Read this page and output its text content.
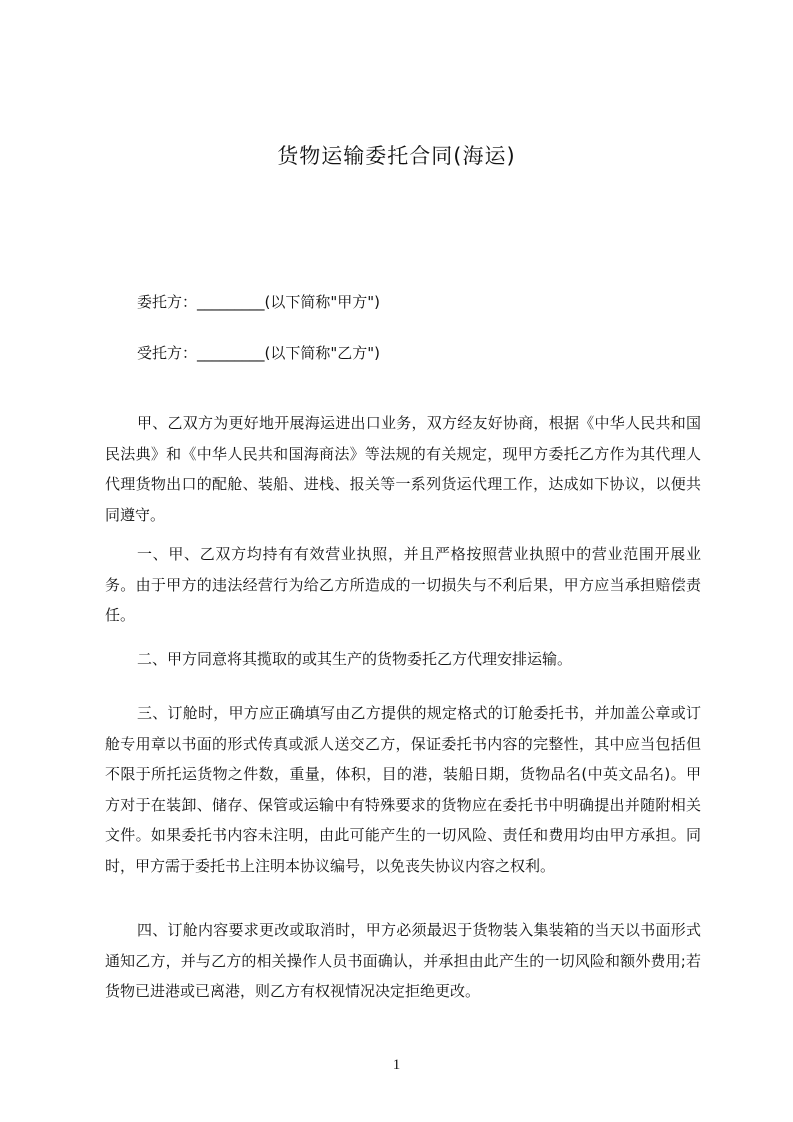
货物运输委托合同(海运)
委托方：_________(以下简称"甲方")
受托方：_________(以下简称"乙方")

甲、乙双方为更好地开展海运进出口业务，双方经友好协商，根据《中华人民共和国民法典》和《中华人民共和国海商法》等法规的有关规定，现甲方委托乙方作为其代理人代理货物出口的配舱、装船、进栈、报关等一系列货运代理工作，达成如下协议，以便共同遵守。

一、甲、乙双方均持有有效营业执照，并且严格按照营业执照中的营业范围开展业务。由于甲方的违法经营行为给乙方所造成的一切损失与不利后果，甲方应当承担赔偿责任。

二、甲方同意将其揽取的或其生产的货物委托乙方代理安排运输。

三、订舱时，甲方应正确填写由乙方提供的规定格式的订舱委托书，并加盖公章或订舱专用章以书面的形式传真或派人送交乙方，保证委托书内容的完整性，其中应当包括但不限于所托运货物之件数，重量，体积，目的港，装船日期，货物品名(中英文品名)。甲方对于在装卸、储存、保管或运输中有特殊要求的货物应在委托书中明确提出并随附相关文件。如果委托书内容未注明，由此可能产生的一切风险、责任和费用均由甲方承担。同时，甲方需于委托书上注明本协议编号，以免丧失协议内容之权利。

四、订舱内容要求更改或取消时，甲方必须最迟于货物装入集装箱的当天以书面形式通知乙方，并与乙方的相关操作人员书面确认，并承担由此产生的一切风险和额外费用;若货物已进港或已离港，则乙方有权视情况决定拒绝更改。

1
